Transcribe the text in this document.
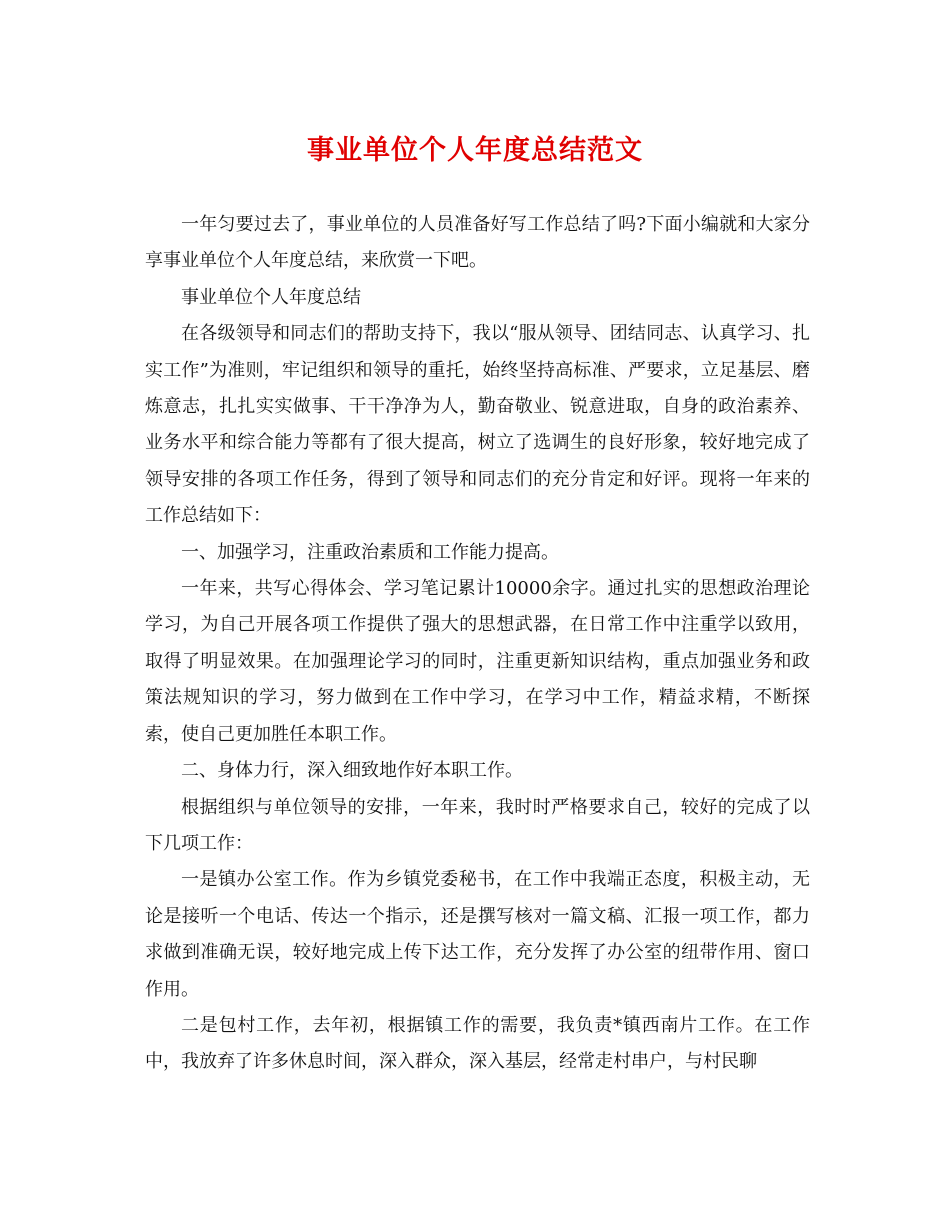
事业单位个人年度总结范文

一年匀要过去了，事业单位的人员准备好写工作总结了吗?下面小编就和大家分享事业单位个人年度总结，来欣赏一下吧。

事业单位个人年度总结

在各级领导和同志们的帮助支持下，我以“服从领导、团结同志、认真学习、扎实工作”为准则，牢记组织和领导的重托，始终坚持高标准、严要求，立足基层、磨炼意志，扎扎实实做事、干干净净为人，勤奋敬业、锐意进取，自身的政治素养、业务水平和综合能力等都有了很大提高，树立了选调生的良好形象，较好地完成了领导安排的各项工作任务，得到了领导和同志们的充分肯定和好评。现将一年来的工作总结如下：

一、加强学习，注重政治素质和工作能力提高。

一年来，共写心得体会、学习笔记累计10000余字。通过扎实的思想政治理论学习，为自己开展各项工作提供了强大的思想武器，在日常工作中注重学以致用，取得了明显效果。在加强理论学习的同时，注重更新知识结构，重点加强业务和政策法规知识的学习，努力做到在工作中学习，在学习中工作，精益求精，不断探索，使自己更加胜任本职工作。

二、身体力行，深入细致地作好本职工作。

根据组织与单位领导的安排，一年来，我时时严格要求自己，较好的完成了以下几项工作：

一是镇办公室工作。作为乡镇党委秘书，在工作中我端正态度，积极主动，无论是接听一个电话、传达一个指示，还是撰写核对一篇文稿、汇报一项工作，都力求做到准确无误，较好地完成上传下达工作，充分发挥了办公室的纽带作用、窗口作用。

二是包村工作，去年初，根据镇工作的需要，我负责*镇西南片工作。在工作中，我放弃了许多休息时间，深入群众，深入基层，经常走村串户，与村民聊
